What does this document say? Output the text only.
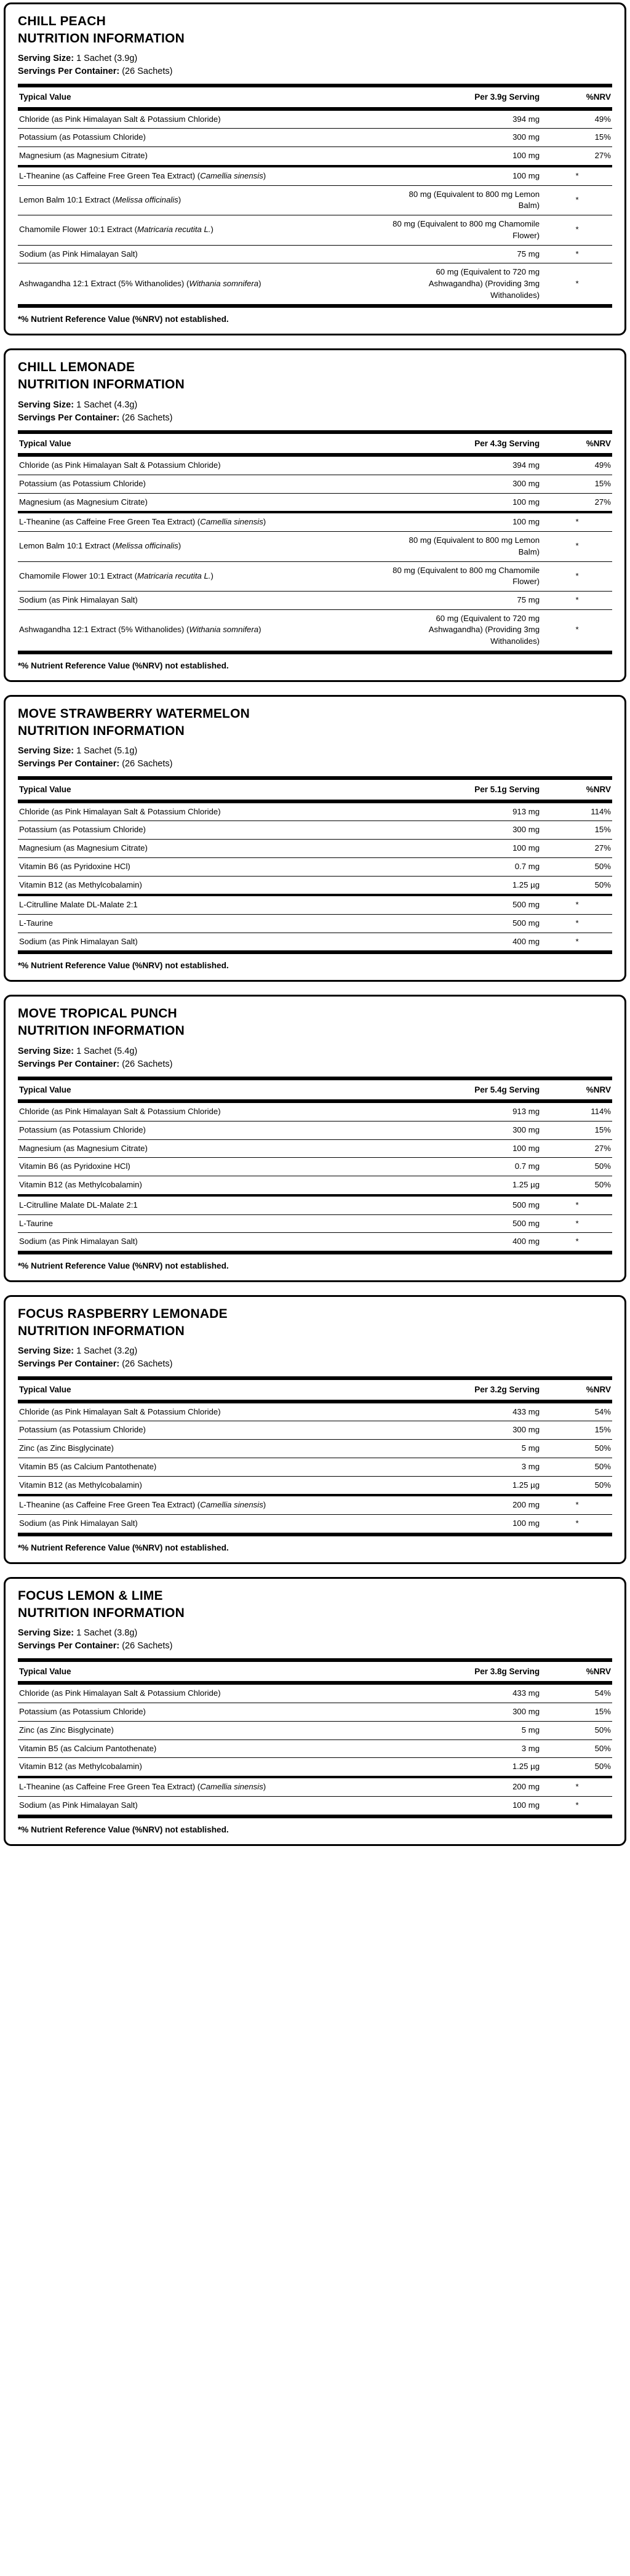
CHILL PEACH
NUTRITION INFORMATION
Serving Size: 1 Sachet (3.9g)
Servings Per Container: (26 Sachets)
Typical Value	Per 3.9g Serving	%NRV
Chloride (as Pink Himalayan Salt & Potassium Chloride)	394 mg	49%
Potassium (as Potassium Chloride)	300 mg	15%
Magnesium (as Magnesium Citrate)	100 mg	27%
L-Theanine (as Caffeine Free Green Tea Extract) (Camellia sinensis)	100 mg	*
Lemon Balm 10:1 Extract (Melissa officinalis)	80 mg (Equivalent to 800 mg Lemon Balm)	*
Chamomile Flower 10:1 Extract (Matricaria recutita L.)	80 mg (Equivalent to 800 mg Chamomile Flower)	*
Sodium (as Pink Himalayan Salt)	75 mg	*
Ashwagandha 12:1 Extract (5% Withanolides) (Withania somnifera)	60 mg (Equivalent to 720 mg Ashwagandha) (Providing 3mg Withanolides)	*
*% Nutrient Reference Value (%NRV) not established.
CHILL LEMONADE
NUTRITION INFORMATION
Serving Size: 1 Sachet (4.3g)
Servings Per Container: (26 Sachets)
Typical Value	Per 4.3g Serving	%NRV
Chloride (as Pink Himalayan Salt & Potassium Chloride)	394 mg	49%
Potassium (as Potassium Chloride)	300 mg	15%
Magnesium (as Magnesium Citrate)	100 mg	27%
L-Theanine (as Caffeine Free Green Tea Extract) (Camellia sinensis)	100 mg	*
Lemon Balm 10:1 Extract (Melissa officinalis)	80 mg (Equivalent to 800 mg Lemon Balm)	*
Chamomile Flower 10:1 Extract (Matricaria recutita L.)	80 mg (Equivalent to 800 mg Chamomile Flower)	*
Sodium (as Pink Himalayan Salt)	75 mg	*
Ashwagandha 12:1 Extract (5% Withanolides) (Withania somnifera)	60 mg (Equivalent to 720 mg Ashwagandha) (Providing 3mg Withanolides)	*
*% Nutrient Reference Value (%NRV) not established.
MOVE STRAWBERRY WATERMELON
NUTRITION INFORMATION
Serving Size: 1 Sachet (5.1g)
Servings Per Container: (26 Sachets)
Typical Value	Per 5.1g Serving	%NRV
Chloride (as Pink Himalayan Salt & Potassium Chloride)	913 mg	114%
Potassium (as Potassium Chloride)	300 mg	15%
Magnesium (as Magnesium Citrate)	100 mg	27%
Vitamin B6 (as Pyridoxine HCl)	0.7 mg	50%
Vitamin B12 (as Methylcobalamin)	1.25 µg	50%
L-Citrulline Malate DL-Malate 2:1	500 mg	*
L-Taurine	500 mg	*
Sodium (as Pink Himalayan Salt)	400 mg	*
*% Nutrient Reference Value (%NRV) not established.
MOVE TROPICAL PUNCH
NUTRITION INFORMATION
Serving Size: 1 Sachet (5.4g)
Servings Per Container: (26 Sachets)
Typical Value	Per 5.4g Serving	%NRV
Chloride (as Pink Himalayan Salt & Potassium Chloride)	913 mg	114%
Potassium (as Potassium Chloride)	300 mg	15%
Magnesium (as Magnesium Citrate)	100 mg	27%
Vitamin B6 (as Pyridoxine HCl)	0.7 mg	50%
Vitamin B12 (as Methylcobalamin)	1.25 µg	50%
L-Citrulline Malate DL-Malate 2:1	500 mg	*
L-Taurine	500 mg	*
Sodium (as Pink Himalayan Salt)	400 mg	*
*% Nutrient Reference Value (%NRV) not established.
FOCUS RASPBERRY LEMONADE
NUTRITION INFORMATION
Serving Size: 1 Sachet (3.2g)
Servings Per Container: (26 Sachets)
Typical Value	Per 3.2g Serving	%NRV
Chloride (as Pink Himalayan Salt & Potassium Chloride)	433 mg	54%
Potassium (as Potassium Chloride)	300 mg	15%
Zinc (as Zinc Bisglycinate)	5 mg	50%
Vitamin B5 (as Calcium Pantothenate)	3 mg	50%
Vitamin B12 (as Methylcobalamin)	1.25 µg	50%
L-Theanine (as Caffeine Free Green Tea Extract) (Camellia sinensis)	200 mg	*
Sodium (as Pink Himalayan Salt)	100 mg	*
*% Nutrient Reference Value (%NRV) not established.
FOCUS LEMON & LIME
NUTRITION INFORMATION
Serving Size: 1 Sachet (3.8g)
Servings Per Container: (26 Sachets)
Typical Value	Per 3.8g Serving	%NRV
Chloride (as Pink Himalayan Salt & Potassium Chloride)	433 mg	54%
Potassium (as Potassium Chloride)	300 mg	15%
Zinc (as Zinc Bisglycinate)	5 mg	50%
Vitamin B5 (as Calcium Pantothenate)	3 mg	50%
Vitamin B12 (as Methylcobalamin)	1.25 µg	50%
L-Theanine (as Caffeine Free Green Tea Extract) (Camellia sinensis)	200 mg	*
Sodium (as Pink Himalayan Salt)	100 mg	*
*% Nutrient Reference Value (%NRV) not established.
